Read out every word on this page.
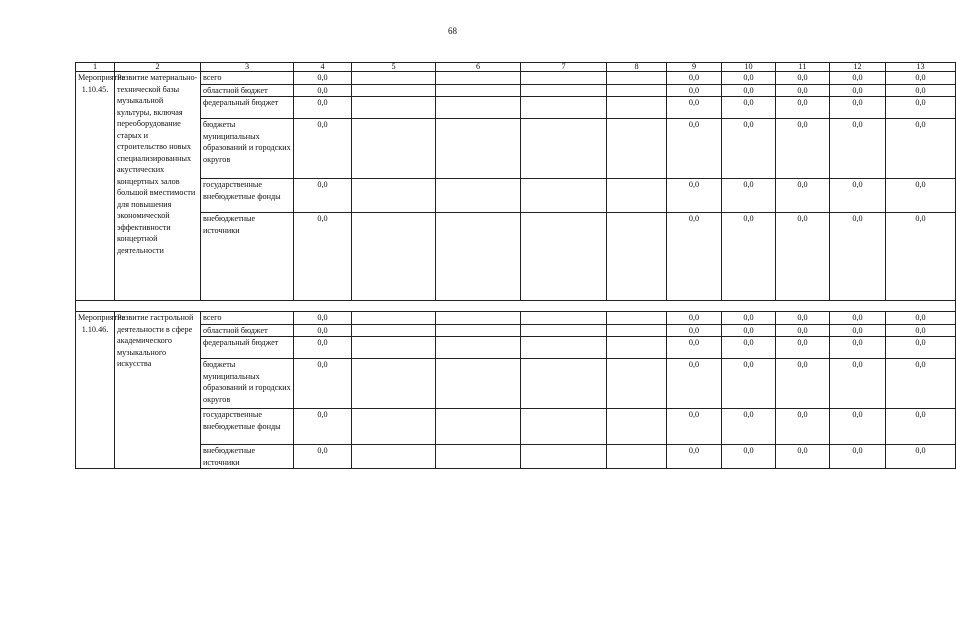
68
1	2	3	4	5	6	7	8	9	10	11	12	13
Мероприятие 1.10.45.	Развитие материально-технической базы музыкальной культуры, включая переоборудование старых и строительство новых специализированных акустических концертных залов большой вместимости для повышения экономической эффективности концертной деятельности	всего	0,0					0,0	0,0	0,0	0,0	0,0
		областной бюджет	0,0					0,0	0,0	0,0	0,0	0,0
		федеральный бюджет	0,0					0,0	0,0	0,0	0,0	0,0
		бюджеты муниципальных образований и городских округов	0,0					0,0	0,0	0,0	0,0	0,0
		государственные внебюджетные фонды	0,0					0,0	0,0	0,0	0,0	0,0
		внебюджетные источники	0,0					0,0	0,0	0,0	0,0	0,0

Мероприятие 1.10.46.	Развитие гастрольной деятельности в сфере академического музыкального искусства	всего	0,0					0,0	0,0	0,0	0,0	0,0
		областной бюджет	0,0					0,0	0,0	0,0	0,0	0,0
		федеральный бюджет	0,0					0,0	0,0	0,0	0,0	0,0
		бюджеты муниципальных образований и городских округов	0,0					0,0	0,0	0,0	0,0	0,0
		государственные внебюджетные фонды	0,0					0,0	0,0	0,0	0,0	0,0
		внебюджетные источники	0,0					0,0	0,0	0,0	0,0	0,0
